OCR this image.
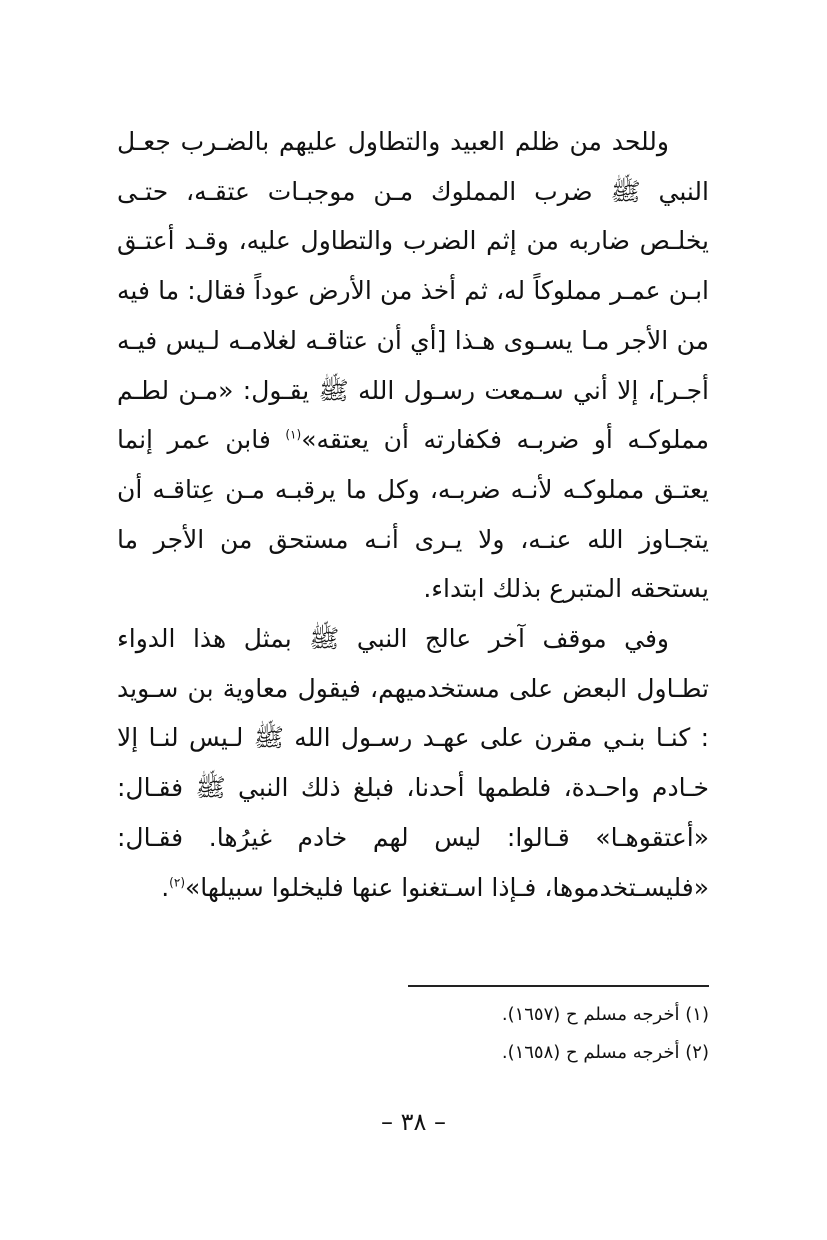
وللحد من ظلم العبيد والتطاول عليهم بالضـرب جعـل النبي ﷺ ضرب المملوك مـن موجبـات عتقـه، حتـى يخلـص ضاربه من إثم الضرب والتطاول عليه، وقـد أعتـق ابـن عمـر مملوكاً له، ثم أخذ من الأرض عوداً فقال: ما فيه من الأجر مـا يسـوى هـذا [أي أن عتاقـه لغلامـه لـيس فيـه أجـر]، إلا أني سـمعت رسـول الله ﷺ يقـول: «مـن لطـم مملوكـه أو ضربـه فكفارته أن يعتقه»$^{(١)}$ فابن عمر إنما يعتـق مملوكـه لأنـه ضربـه، وكل ما يرقبـه مـن عِتاقـه أن يتجـاوز الله عنـه، ولا يـرى أنـه مستحق من الأجر ما يستحقه المتبرع بذلك ابتداء.

وفي موقف آخر عالج النبي ﷺ بمثل هذا الدواء تطـاول البعض على مستخدميهم، فيقول معاوية بن سـويد : كنـا بنـي مقرن على عهـد رسـول الله ﷺ لـيس لنـا إلا خـادم واحـدة، فلطمها أحدنا، فبلغ ذلك النبي ﷺ فقـال: «أعتقوهـا» قـالوا: ليس لهم خادم غيرُها. فقـال: «فليسـتخدموها، فـإذا اسـتغنوا عنها فليخلوا سبيلها»$^{(٢)}$.

(١) أخرجه مسلم ح (١٦٥٧).
(٢) أخرجه مسلم ح (١٦٥٨).
– ٣٨ –
